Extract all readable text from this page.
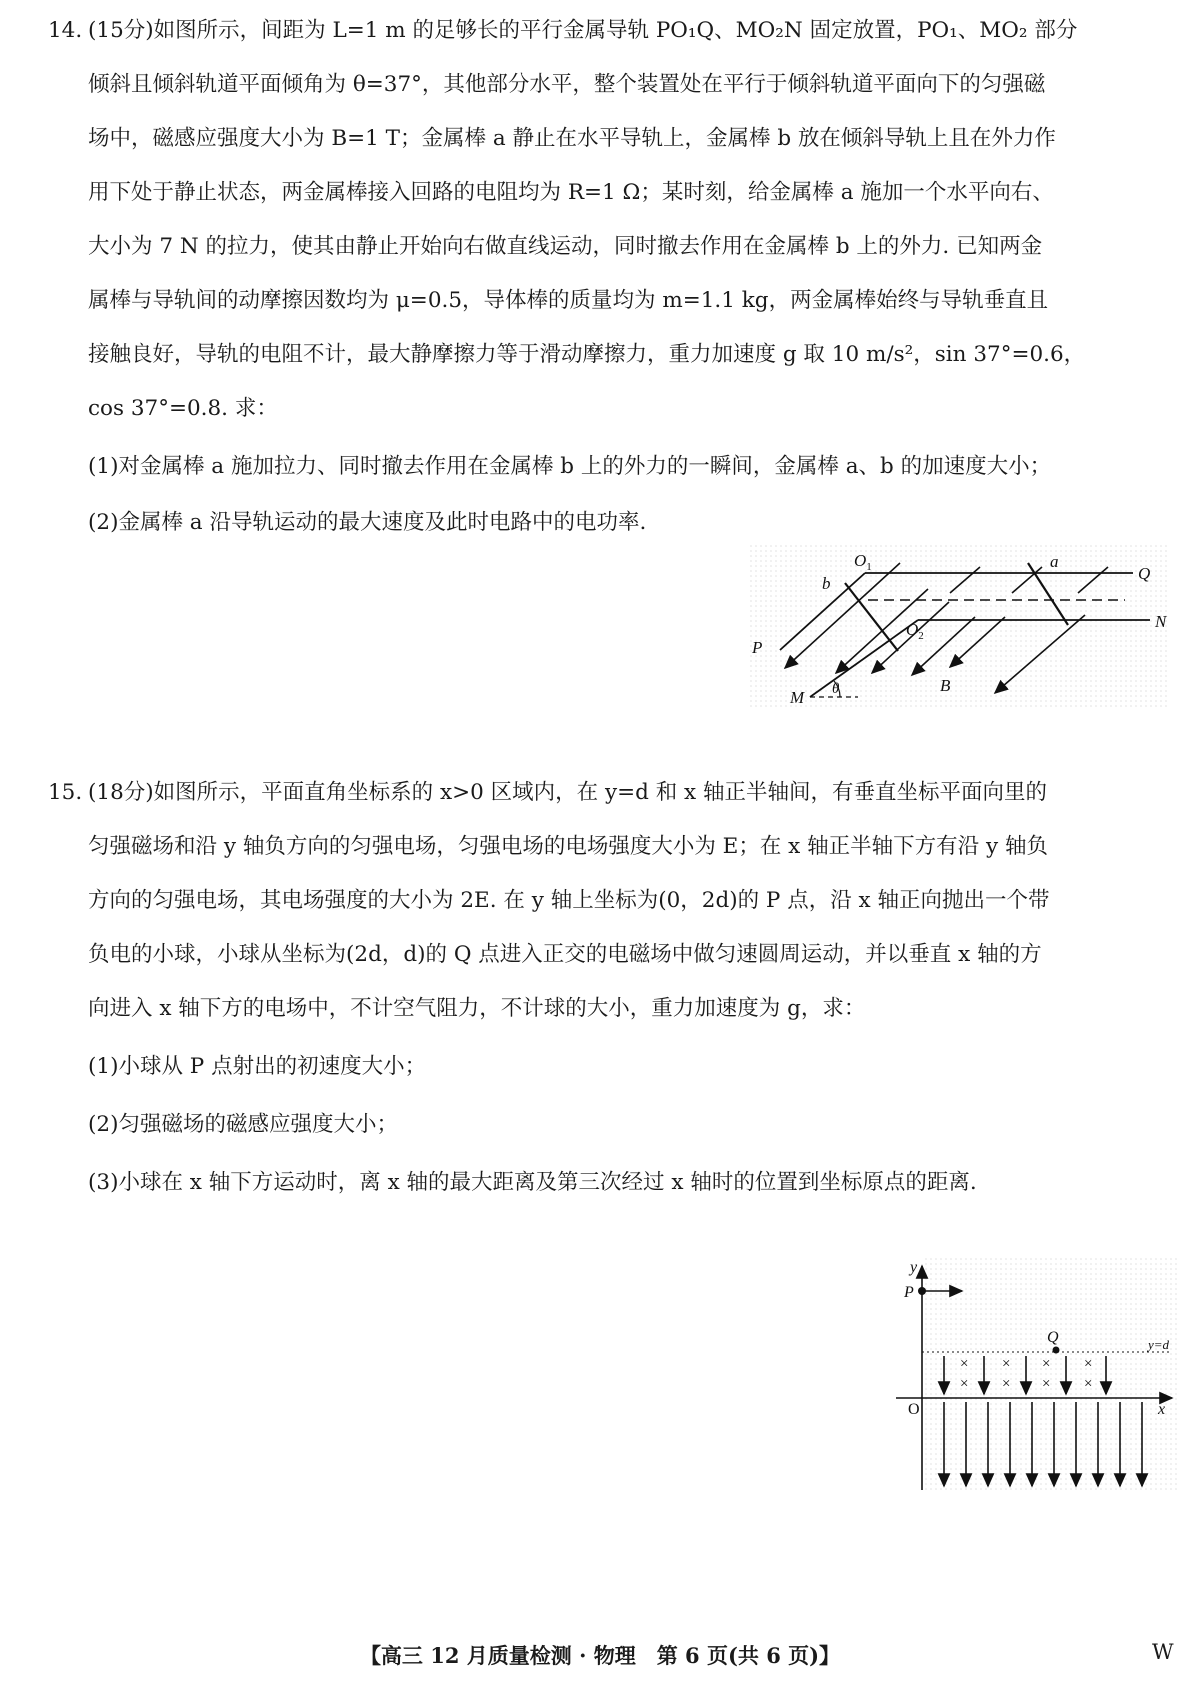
14. (15分)如图所示，间距为 L=1 m 的足够长的平行金属导轨 PO₁Q、MO₂N 固定放置，PO₁、MO₂ 部分
倾斜且倾斜轨道平面倾角为 θ=37°，其他部分水平，整个装置处在平行于倾斜轨道平面向下的匀强磁
场中，磁感应强度大小为 B=1 T；金属棒 a 静止在水平导轨上，金属棒 b 放在倾斜导轨上且在外力作
用下处于静止状态，两金属棒接入回路的电阻均为 R=1 Ω；某时刻，给金属棒 a 施加一个水平向右、
大小为 7 N 的拉力，使其由静止开始向右做直线运动，同时撤去作用在金属棒 b 上的外力. 已知两金
属棒与导轨间的动摩擦因数均为 μ=0.5，导体棒的质量均为 m=1.1 kg，两金属棒始终与导轨垂直且
接触良好，导轨的电阻不计，最大静摩擦力等于滑动摩擦力，重力加速度 g 取 10 m/s²，sin 37°=0.6，
cos 37°=0.8. 求：
(1)对金属棒 a 施加拉力、同时撤去作用在金属棒 b 上的外力的一瞬间，金属棒 a、b 的加速度大小；
(2)金属棒 a 沿导轨运动的最大速度及此时电路中的电功率.
$O_1$
$O_2$
a
b
Q
N
P
M
B
θ
15. (18分)如图所示，平面直角坐标系的 x>0 区域内，在 y=d 和 x 轴正半轴间，有垂直坐标平面向里的
匀强磁场和沿 y 轴负方向的匀强电场，匀强电场的电场强度大小为 E；在 x 轴正半轴下方有沿 y 轴负
方向的匀强电场，其电场强度的大小为 2E. 在 y 轴上坐标为(0，2d)的 P 点，沿 x 轴正向抛出一个带
负电的小球，小球从坐标为(2d，d)的 Q 点进入正交的电磁场中做匀速圆周运动，并以垂直 x 轴的方
向进入 x 轴下方的电场中，不计空气阻力，不计球的大小，重力加速度为 g，求：
(1)小球从 P 点射出的初速度大小；
(2)匀强磁场的磁感应强度大小；
(3)小球在 x 轴下方运动时，离 x 轴的最大距离及第三次经过 x 轴时的位置到坐标原点的距离.
×
×
×
×
×
×
×
×
y
P
Q
O	x
y=d
【高三 12 月质量检测 · 物理　第 6 页(共 6 页)】	W
